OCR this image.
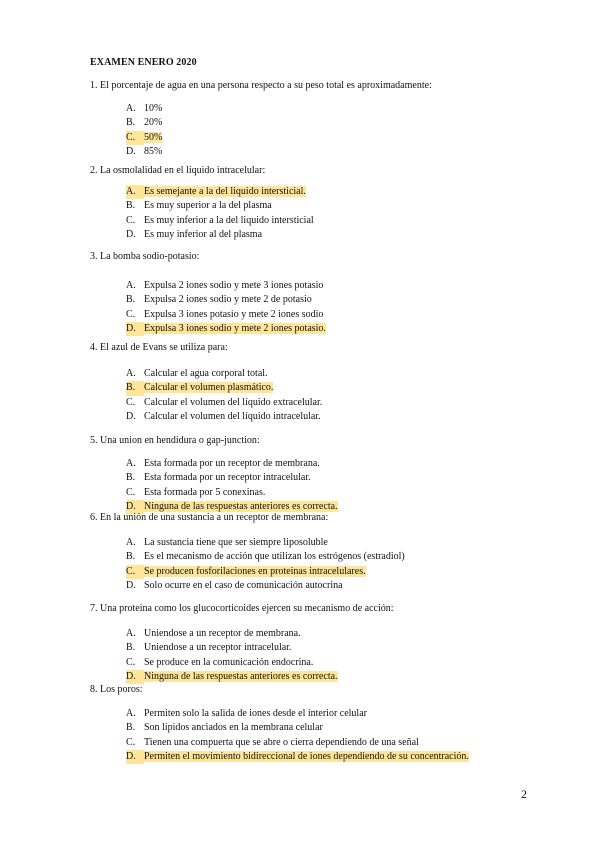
EXAMEN ENERO 2020
1. El porcentaje de agua en una persona respecto a su peso total es aproximadamente:
A. 10%
B. 20%
C. 50%
D. 85%
2. La osmolalidad en el liquido intracelular:
A. Es semejante a la del liquido intersticial.
B. Es muy superior a la del plasma
C. Es muy inferior a la del liquido intersticial
D. Es muy inferior al del plasma
3. La bomba sodio-potasio:
A. Expulsa 2 iones sodio y mete 3 iones potasio
B. Expulsa 2 iones sodio y mete 2 de potasio
C. Expulsa 3 iones potasio y mete 2 iones sodio
D. Expulsa 3 iones sodio y mete 2 iones potasio.
4. El azul de Evans se utiliza para:
A. Calcular el agua corporal total.
B. Calcular el volumen plasmático.
C. Calcular el volumen del líquido extracelular.
D. Calcular el volumen del líquido intracelular.
5. Una union en hendidura o gap-junction:
A. Esta formada por un receptor de membrana.
B. Esta formada por un receptor intracelular.
C. Esta formada por 5 conexinas.
D. Ninguna de las respuestas anteriores es correcta.
6. En la unión de una sustancia a un receptor de membrana:
A. La sustancia tiene que ser siempre liposoluble
B. Es el mecanismo de acción que utilizan los estrógenos (estradiol)
C. Se producen fosforilaciones en proteinas intracelulares.
D. Solo ocurre en el caso de comunicación autocrina
7. Una proteina como los glucocorticoides ejercen su mecanismo de acción:
A. Uniendose a un receptor de membrana.
B. Uniendose a un receptor intracelular.
C. Se produce en la comunicación endocrina.
D. Ninguna de las respuestas anteriores es correcta.
8. Los poros:
A. Permiten solo la salida de iones desde el interior celular
B. Son lipidos anciados en la membrana celular
C. Tienen una compuerta que se abre o cierra dependiendo de una señal
D. Permiten el movimiento bidireccional de iones dependiendo de su concentración.
2
